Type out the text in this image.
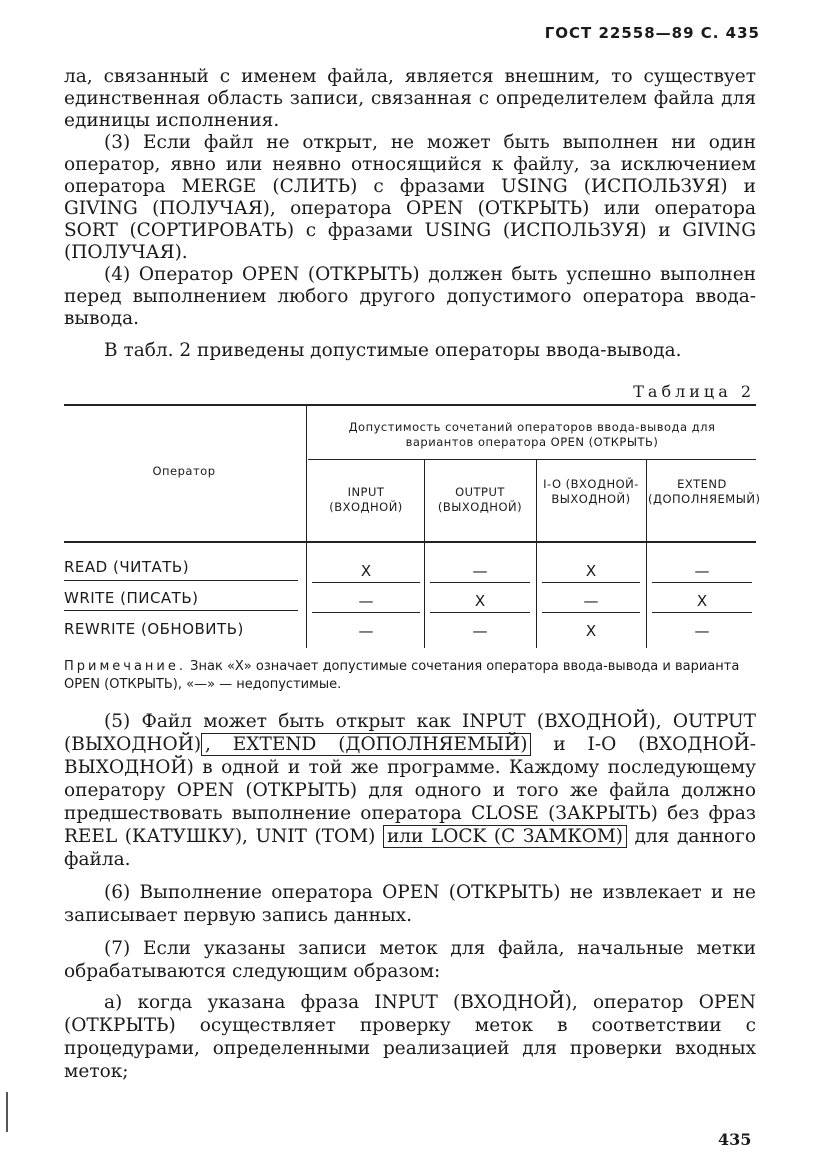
ГОСТ 22558—89 С. 435

ла, связанный с именем файла, является внешним, то существует единственная область записи, связанная с определителем файла для единицы исполнения.

(3) Если файл не открыт, не может быть выполнен ни один оператор, явно или неявно относящийся к файлу, за исключением оператора MERGE (СЛИТЬ) с фразами USING (ИСПОЛЬЗУЯ) и GIVING (ПОЛУЧАЯ), оператора OPEN (ОТКРЫТЬ) или оператора SORT (СОРТИРОВАТЬ) с фразами USING (ИСПОЛЬЗУЯ) и GIVING (ПОЛУЧАЯ).

(4) Оператор OPEN (ОТКРЫТЬ) должен быть успешно выполнен перед выполнением любого другого допустимого оператора ввода-вывода.

В табл. 2 приведены допустимые операторы ввода-вывода.

Таблица 2
Оператор
Допустимость сочетаний операторов ввода-вывода для вариантов оператора OPEN (ОТКРЫТЬ)
INPUT (ВХОДНОЙ)
OUTPUT (ВЫХОДНОЙ)
I-O (ВХОДНОЙ-ВЫХОДНОЙ)
EXTEND (ДОПОЛНЯЕМЫЙ)
READ (ЧИТАТЬ)	X	—	X	—
WRITE (ПИСАТЬ)	—	X	—	X
REWRITE (ОБНОВИТЬ)	—	—	X	—
Примечание. Знак «X» означает допустимые сочетания оператора ввода-вывода и варианта OPEN (ОТКРЫТЬ), «—» — недопустимые.

(5) Файл может быть открыт как INPUT (ВХОДНОЙ), OUTPUT (ВЫХОДНОЙ) , EXTEND (ДОПОЛНЯЕМЫЙ) и I-O (ВХОДНОЙ-ВЫХОДНОЙ) в одной и той же программе. Каждому последующему оператору OPEN (ОТКРЫТЬ) для одного и того же файла должно предшествовать выполнение оператора CLOSE (ЗАКРЫТЬ) без фраз REEL (КАТУШКУ), UNIT (ТОМ) или LOCK (С ЗАМКОМ) для данного файла.

(6) Выполнение оператора OPEN (ОТКРЫТЬ) не извлекает и не записывает первую запись данных.

(7) Если указаны записи меток для файла, начальные метки обрабатываются следующим образом:

а) когда указана фраза INPUT (ВХОДНОЙ), оператор OPEN (ОТКРЫТЬ) осуществляет проверку меток в соответствии с процедурами, определенными реализацией для проверки входных меток;

435
